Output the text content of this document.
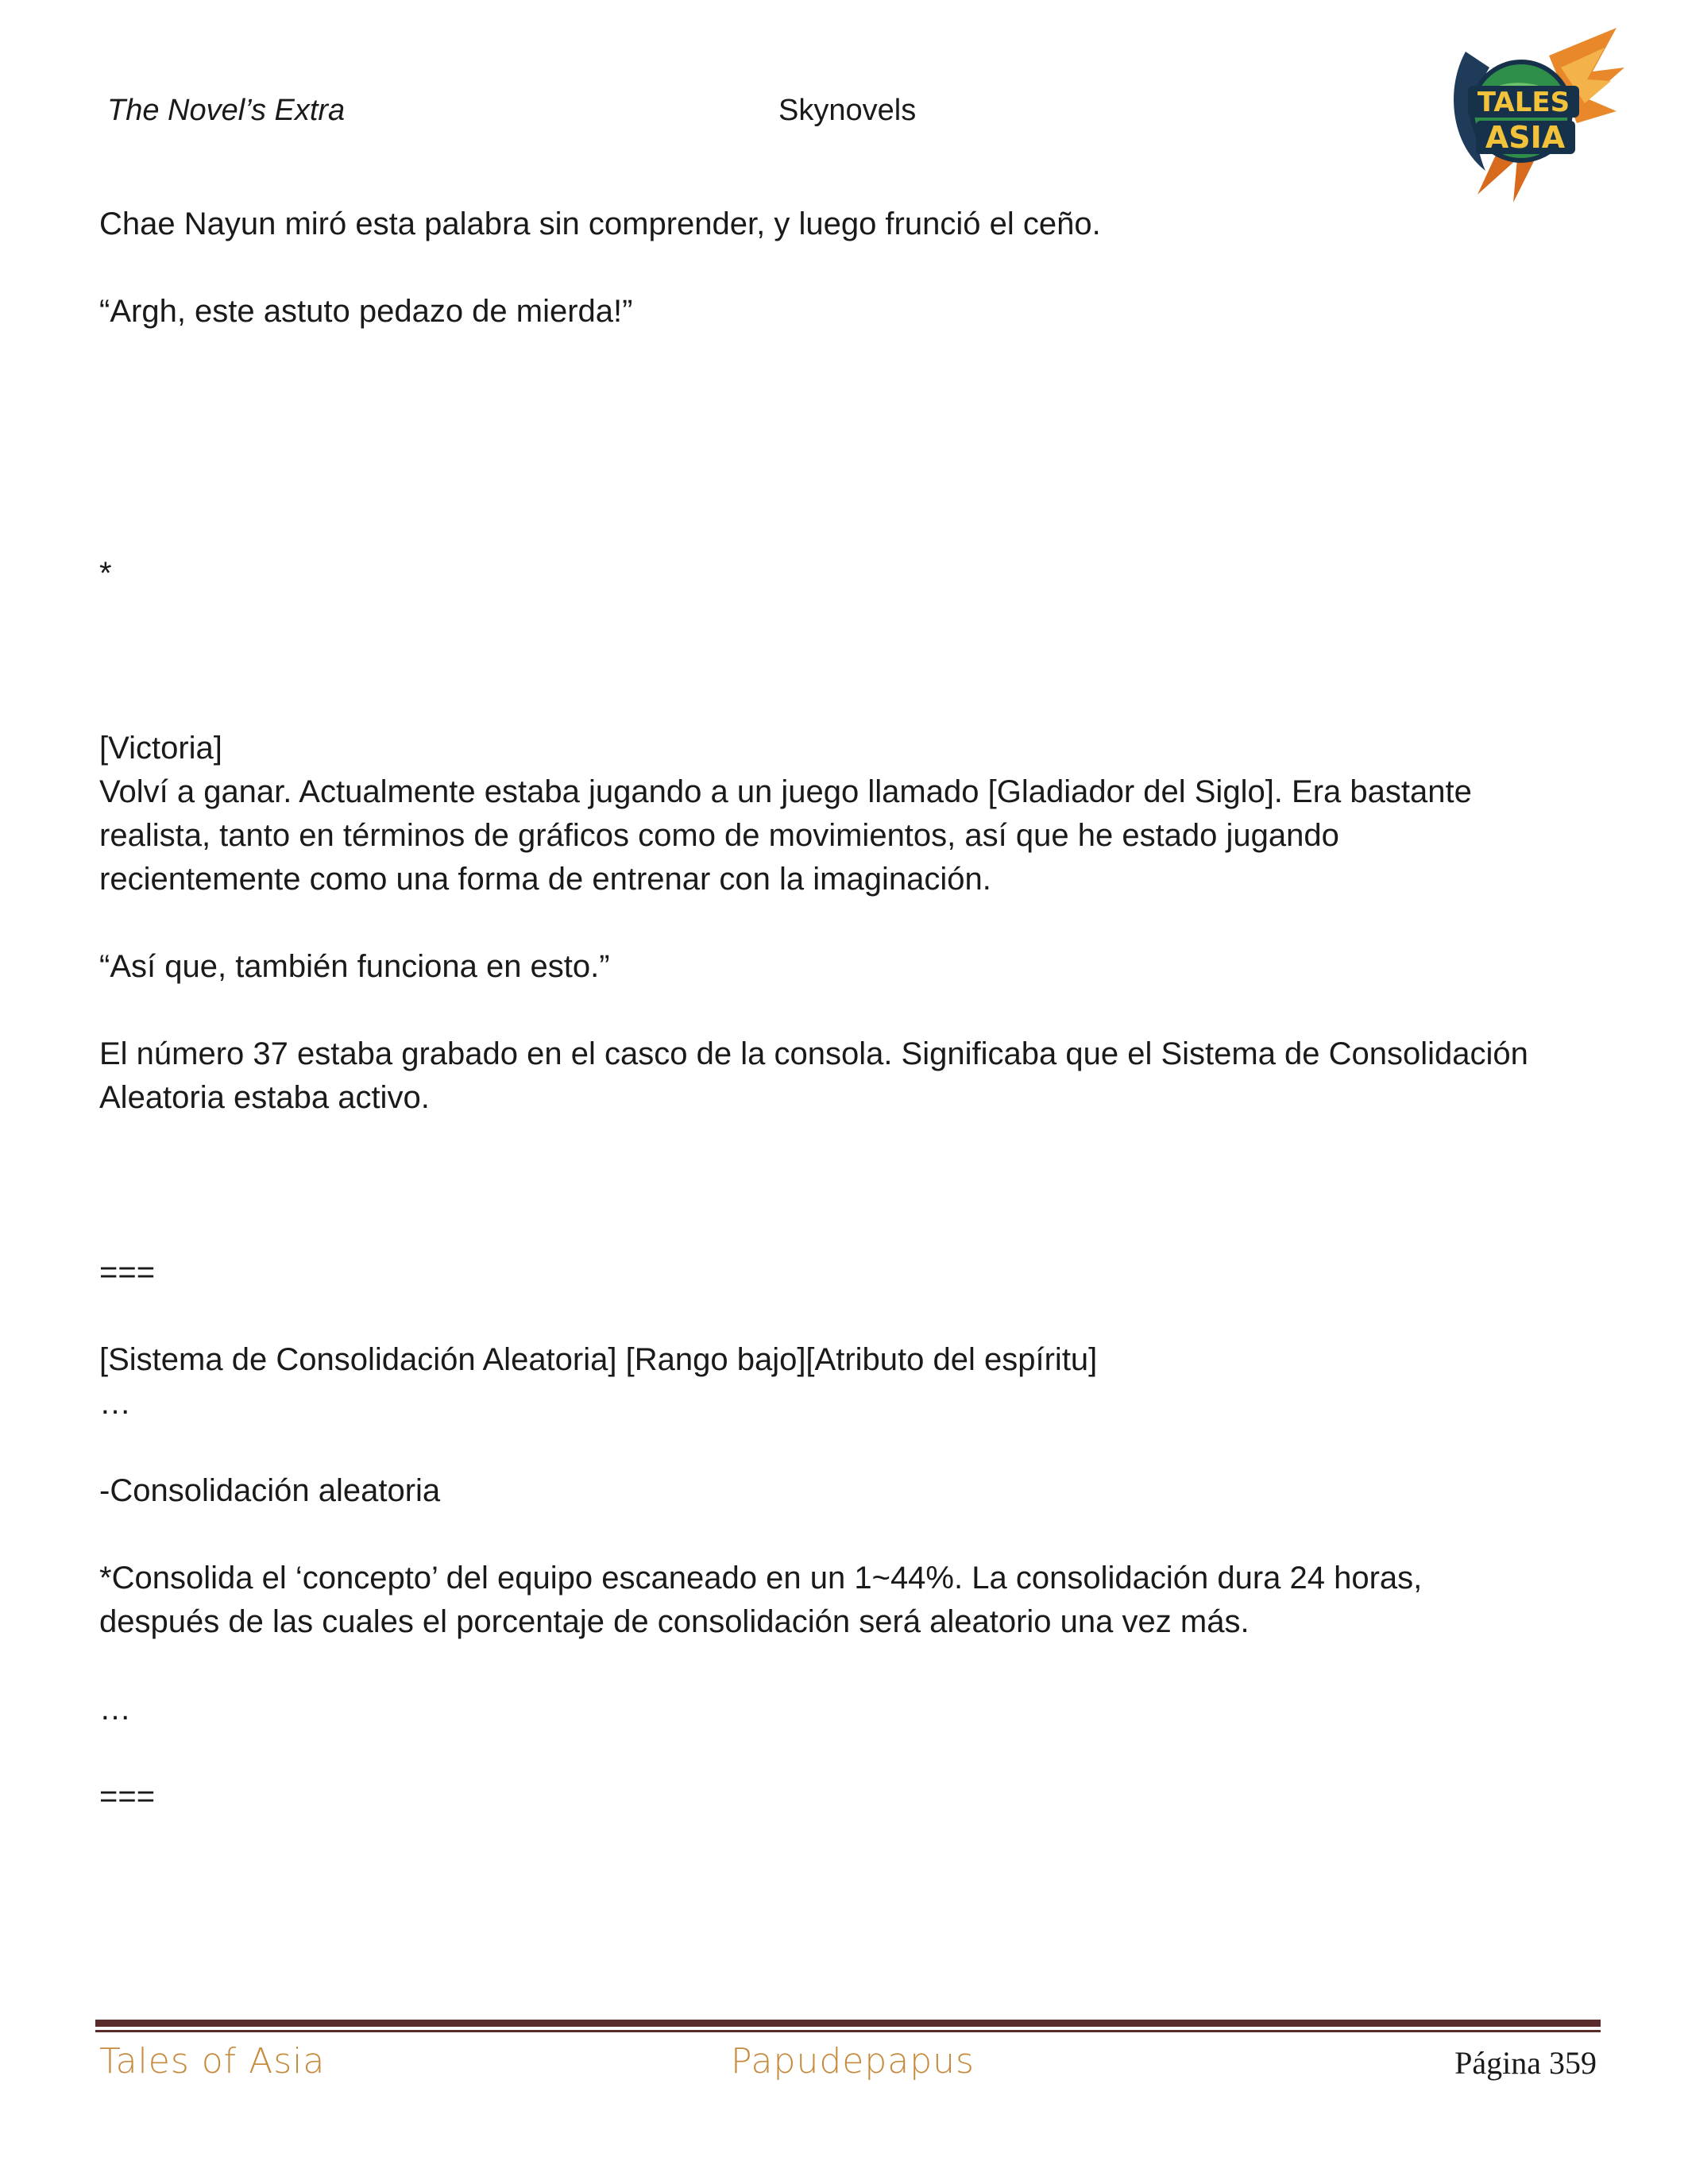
The Novel’s Extra	Skynovels	TALES
ASIA

Chae Nayun miró esta palabra sin comprender, y luego frunció el ceño.

“Argh, este astuto pedazo de mierda!”

*

[Victoria]

Volví a ganar. Actualmente estaba jugando a un juego llamado [Gladiador del Siglo]. Era bastante

realista, tanto en términos de gráficos como de movimientos, así que he estado jugando

recientemente como una forma de entrenar con la imaginación.

“Así que, también funciona en esto.”

El número 37 estaba grabado en el casco de la consola. Significaba que el Sistema de Consolidación

Aleatoria estaba activo.

===

[Sistema de Consolidación Aleatoria] [Rango bajo][Atributo del espíritu]

…

-Consolidación aleatoria

*Consolida el ‘concepto’ del equipo escaneado en un 1~44%. La consolidación dura 24 horas,

después de las cuales el porcentaje de consolidación será aleatorio una vez más.

…

===

Tales of Asia	Papudepapus	Página 359
